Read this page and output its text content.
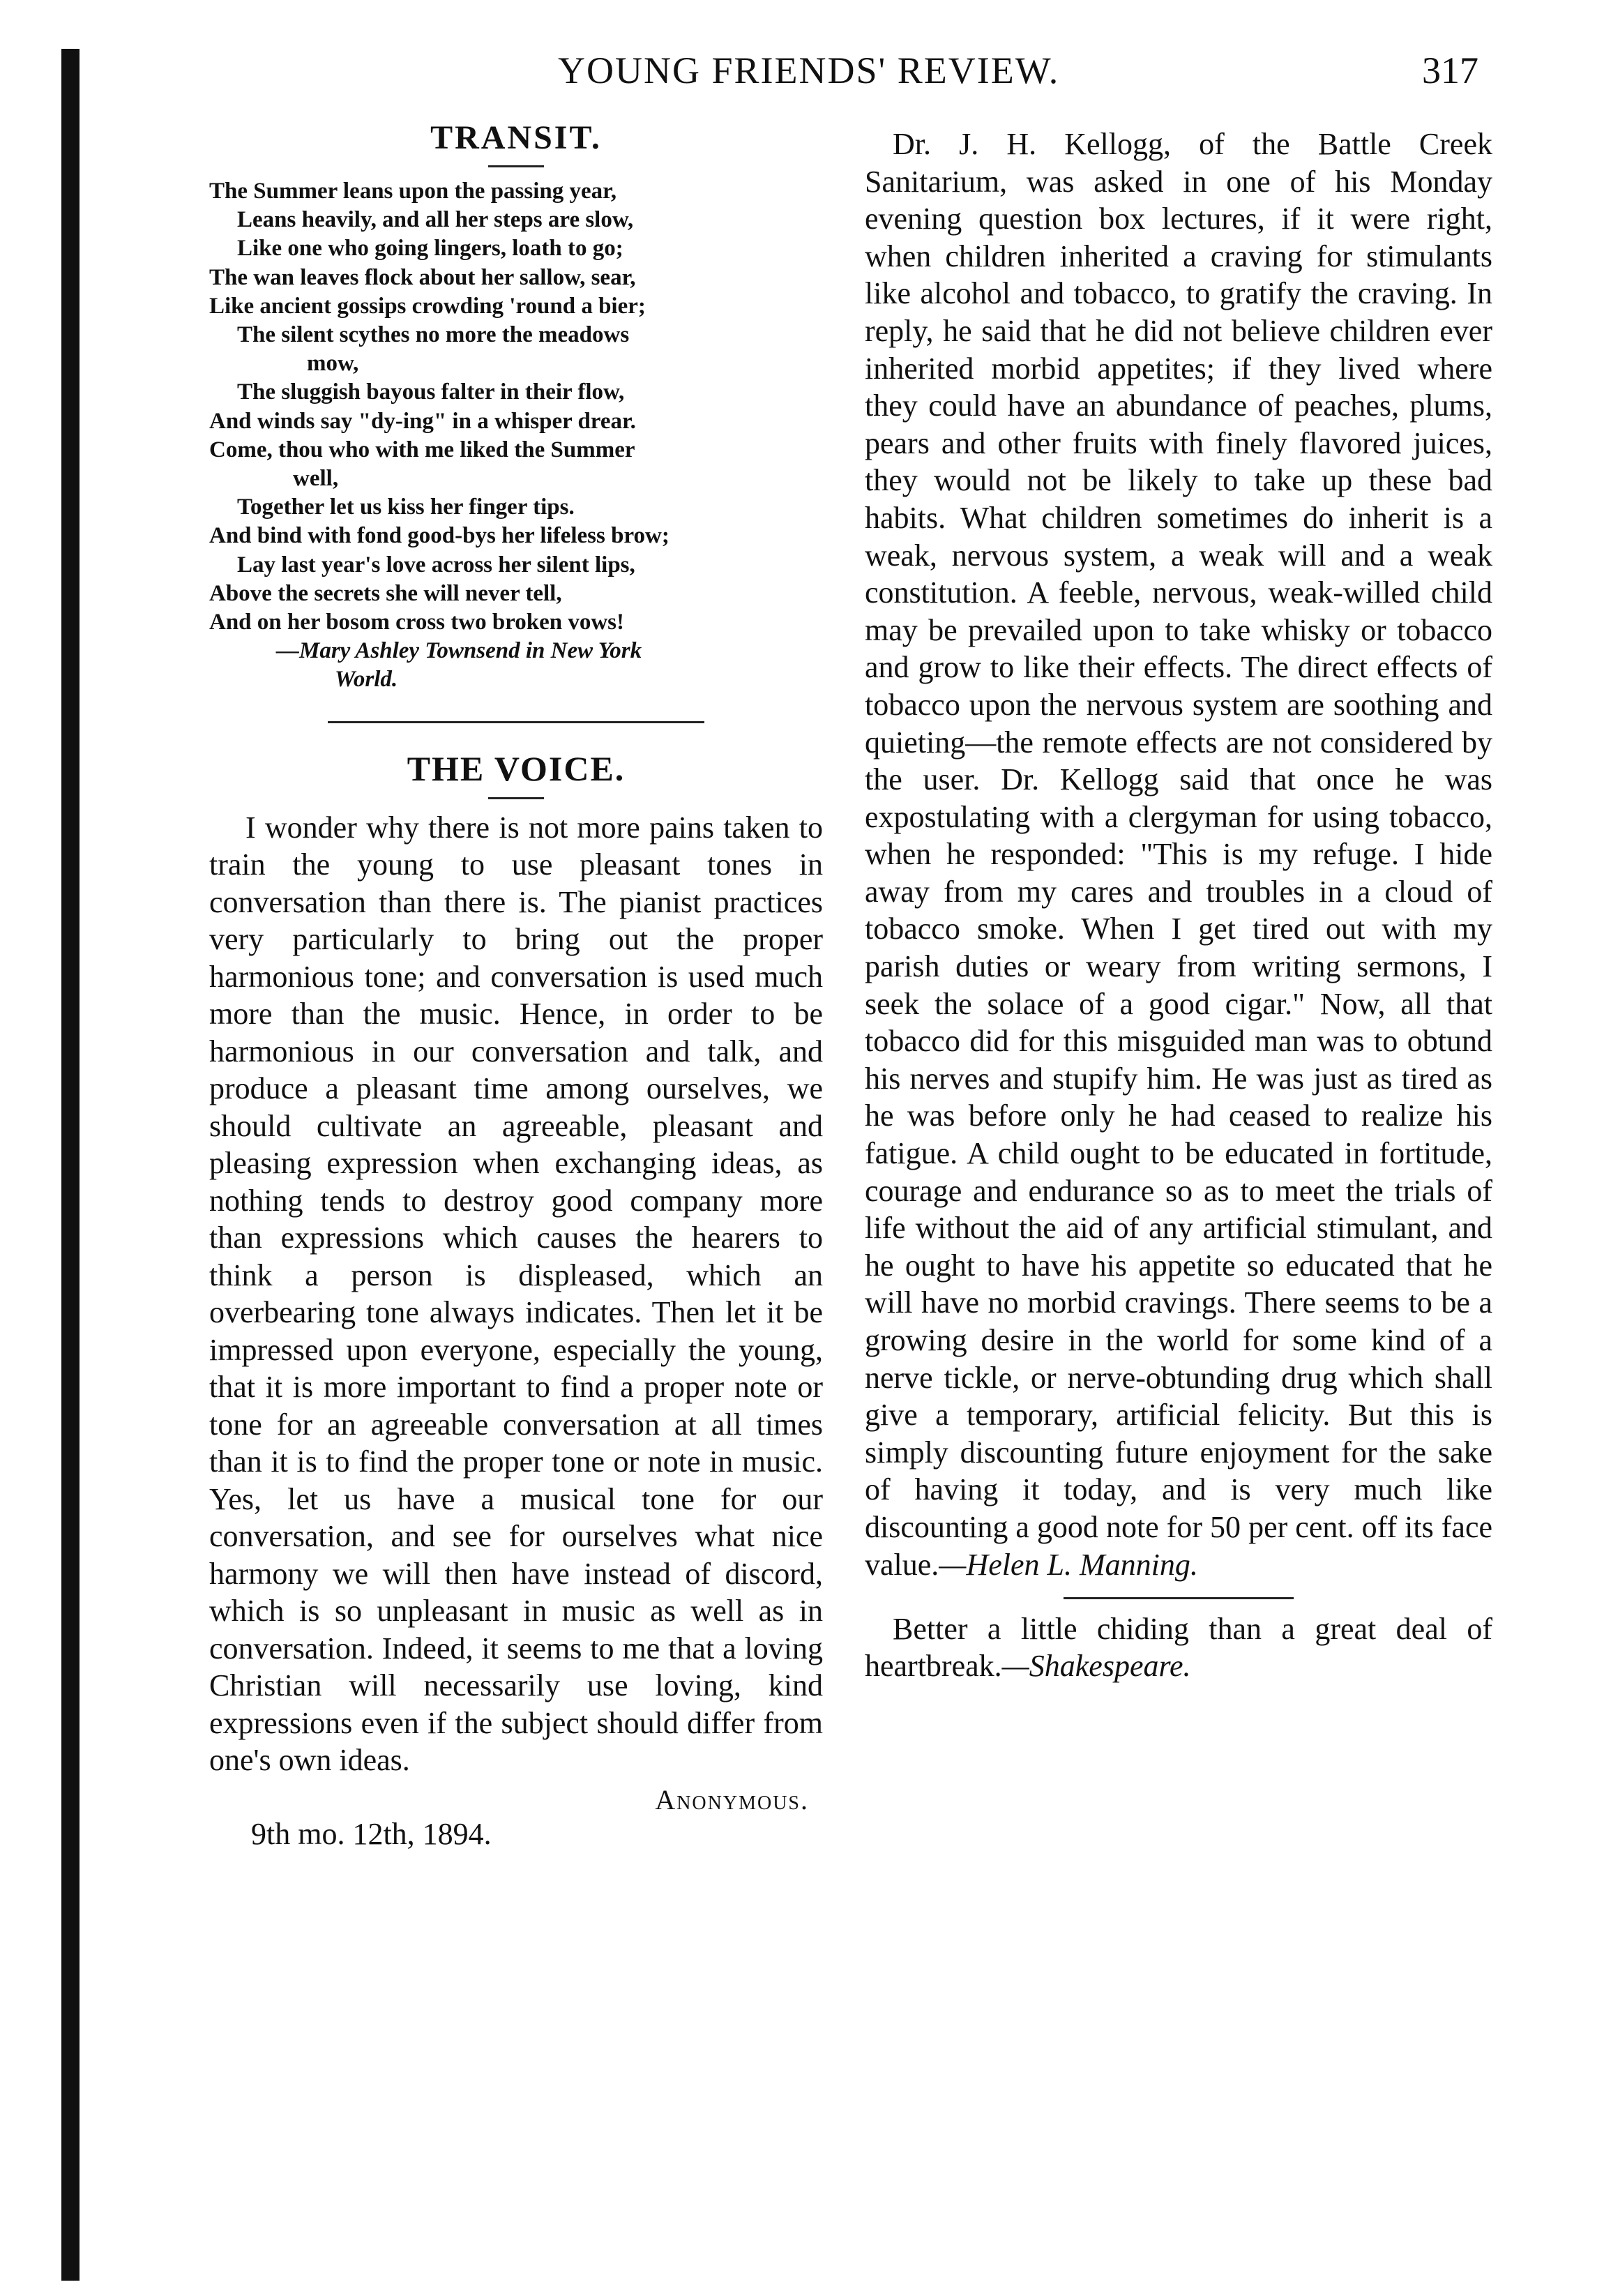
YOUNG FRIENDS' REVIEW.	317
TRANSIT.
The Summer leans upon the passing year,
Leans heavily, and all her steps are slow,
Like one who going lingers, loath to go;
The wan leaves flock about her sallow, sear,
Like ancient gossips crowding 'round a bier;
The silent scythes no more the meadows
mow,
The sluggish bayous falter in their flow,
And winds say "dy-ing" in a whisper drear.
Come, thou who with me liked the Summer
well,
Together let us kiss her finger tips.
And bind with fond good-bys her lifeless brow;
Lay last year's love across her silent lips,
Above the secrets she will never tell,
And on her bosom cross two broken vows!
—Mary Ashley Townsend in New York
World.
THE VOICE.

I wonder why there is not more pains taken to train the young to use pleasant tones in conversation than there is. The pianist practices very particularly to bring out the proper harmonious tone; and conversation is used much more than the music. Hence, in order to be harmonious in our conversation and talk, and produce a pleasant time among ourselves, we should cultivate an agreeable, pleasant and pleasing expression when exchanging ideas, as nothing tends to destroy good company more than expressions which causes the hearers to think a person is displeased, which an overbearing tone always indicates. Then let it be impressed upon everyone, especially the young, that it is more important to find a proper note or tone for an agreeable conversation at all times than it is to find the proper tone or note in music. Yes, let us have a musical tone for our conversation, and see for ourselves what nice harmony we will then have instead of discord, which is so unpleasant in music as well as in conversation. Indeed, it seems to me that a loving Christian will necessarily use loving, kind expressions even if the subject should differ from one's own ideas.

Anonymous.
9th mo. 12th, 1894.

Dr. J. H. Kellogg, of the Battle Creek Sanitarium, was asked in one of his Monday evening question box lectures, if it were right, when children inherited a craving for stimulants like alcohol and tobacco, to gratify the craving. In reply, he said that he did not believe children ever inherited morbid appetites; if they lived where they could have an abundance of peaches, plums, pears and other fruits with finely flavored juices, they would not be likely to take up these bad habits. What children sometimes do inherit is a weak, nervous system, a weak will and a weak constitution. A feeble, nervous, weak-willed child may be prevailed upon to take whisky or tobacco and grow to like their effects. The direct effects of tobacco upon the nervous system are soothing and quieting—the remote effects are not considered by the user. Dr. Kellogg said that once he was expostulating with a clergyman for using tobacco, when he responded: "This is my refuge. I hide away from my cares and troubles in a cloud of tobacco smoke. When I get tired out with my parish duties or weary from writing sermons, I seek the solace of a good cigar." Now, all that tobacco did for this misguided man was to obtund his nerves and stupify him. He was just as tired as he was before only he had ceased to realize his fatigue. A child ought to be educated in fortitude, courage and endurance so as to meet the trials of life without the aid of any artificial stimulant, and he ought to have his appetite so educated that he will have no morbid cravings. There seems to be a growing desire in the world for some kind of a nerve tickle, or nerve-obtunding drug which shall give a temporary, artificial felicity. But this is simply discounting future enjoyment for the sake of having it today, and is very much like discounting a good note for 50 per cent. off its face value.—Helen L. Manning.

Better a little chiding than a great deal of heartbreak.—Shakespeare.
